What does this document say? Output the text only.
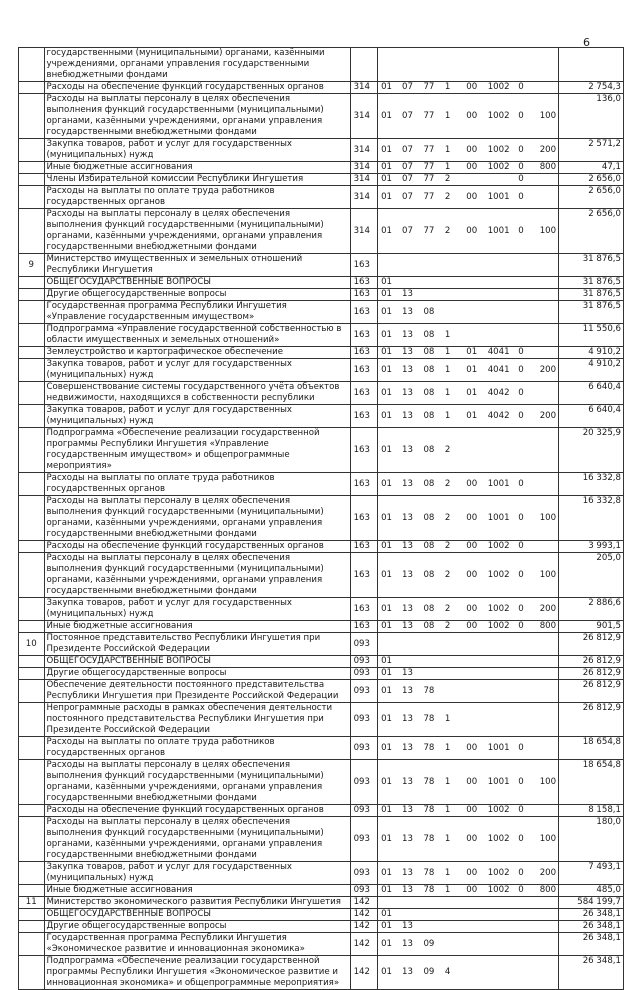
6
	государственными (муниципальными) органами, казёнными учреждениями, органами управления государственными внебюджетными фондами										
	Расходы на обеспечение функций государственных органов	314	01	07	77	1	00	1002	0		2 754,3
	Расходы на выплаты персоналу в целях обеспечения выполнения функций государственными (муниципальными) органами, казёнными учреждениями, органами управления государственными внебюджетными фондами	314	01	07	77	1	00	1002	0	100	136,0
	Закупка товаров, работ и услуг для государственных (муниципальных) нужд	314	01	07	77	1	00	1002	0	200	2 571,2
	Иные бюджетные ассигнования	314	01	07	77	1	00	1002	0	800	47,1
	Члены Избирательной комиссии Республики Ингушетия	314	01	07	77	2			0		2 656,0
	Расходы на выплаты по оплате труда работников государственных органов	314	01	07	77	2	00	1001	0		2 656,0
	Расходы на выплаты персоналу в целях обеспечения выполнения функций государственными (муниципальными) органами, казёнными учреждениями, органами управления государственными внебюджетными фондами	314	01	07	77	2	00	1001	0	100	2 656,0
9	Министерство имущественных и земельных отношений Республики Ингушетия	163									31 876,5
	ОБЩЕГОСУДАРСТВЕННЫЕ ВОПРОСЫ	163	01								31 876,5
	Другие общегосударственные вопросы	163	01	13							31 876,5
	Государственная программа Республики Ингушетия «Управление государственным имуществом»	163	01	13	08						31 876,5
	Подпрограмма «Управление государственной собственностью в области имущественных и земельных отношений»	163	01	13	08	1					11 550,6
	Землеустройство и картографическое обеспечение	163	01	13	08	1	01	4041	0		4 910,2
	Закупка товаров, работ и услуг для государственных (муниципальных) нужд	163	01	13	08	1	01	4041	0	200	4 910,2
	Совершенствование системы государственного учёта объектов недвижимости, находящихся в собственности республики	163	01	13	08	1	01	4042	0		6 640,4
	Закупка товаров, работ и услуг для государственных (муниципальных) нужд	163	01	13	08	1	01	4042	0	200	6 640,4
	Подпрограмма «Обеспечение реализации государственной программы Республики Ингушетия «Управление государственным имуществом» и общепрограммные мероприятия»	163	01	13	08	2					20 325,9
	Расходы на выплаты по оплате труда работников государственных органов	163	01	13	08	2	00	1001	0		16 332,8
	Расходы на выплаты персоналу в целях обеспечения выполнения функций государственными (муниципальными) органами, казёнными учреждениями, органами управления государственными внебюджетными фондами	163	01	13	08	2	00	1001	0	100	16 332,8
	Расходы на обеспечение функций государственных органов	163	01	13	08	2	00	1002	0		3 993,1
	Расходы на выплаты персоналу в целях обеспечения выполнения функций государственными (муниципальными) органами, казёнными учреждениями, органами управления государственными внебюджетными фондами	163	01	13	08	2	00	1002	0	100	205,0
	Закупка товаров, работ и услуг для государственных (муниципальных) нужд	163	01	13	08	2	00	1002	0	200	2 886,6
	Иные бюджетные ассигнования	163	01	13	08	2	00	1002	0	800	901,5
10	Постоянное представительство Республики Ингушетия при Президенте Российской Федерации	093									26 812,9
	ОБЩЕГОСУДАРСТВЕННЫЕ ВОПРОСЫ	093	01								26 812,9
	Другие общегосударственные вопросы	093	01	13							26 812,9
	Обеспечение деятельности постоянного представительства Республики Ингушетия при Президенте Российской Федерации	093	01	13	78						26 812,9
	Непрограммные расходы в рамках обеспечения деятельности постоянного представительства Республики Ингушетия при Президенте Российской Федерации	093	01	13	78	1					26 812,9
	Расходы на выплаты по оплате труда работников государственных органов	093	01	13	78	1	00	1001	0		18 654,8
	Расходы на выплаты персоналу в целях обеспечения выполнения функций государственными (муниципальными) органами, казёнными учреждениями, органами управления государственными внебюджетными фондами	093	01	13	78	1	00	1001	0	100	18 654,8
	Расходы на обеспечение функций государственных органов	093	01	13	78	1	00	1002	0		8 158,1
	Расходы на выплаты персоналу в целях обеспечения выполнения функций государственными (муниципальными) органами, казёнными учреждениями, органами управления государственными внебюджетными фондами	093	01	13	78	1	00	1002	0	100	180,0
	Закупка товаров, работ и услуг для государственных (муниципальных) нужд	093	01	13	78	1	00	1002	0	200	7 493,1
	Иные бюджетные ассигнования	093	01	13	78	1	00	1002	0	800	485,0
11	Министерство экономического развития Республики Ингушетия	142									584 199,7
	ОБЩЕГОСУДАРСТВЕННЫЕ ВОПРОСЫ	142	01								26 348,1
	Другие общегосударственные вопросы	142	01	13							26 348,1
	Государственная программа Республики Ингушетия «Экономическое развитие и инновационная экономика»	142	01	13	09						26 348,1
	Подпрограмма «Обеспечение реализации государственной программы Республики Ингушетия «Экономическое развитие и инновационная экономика» и общепрограммные мероприятия»	142	01	13	09	4					26 348,1
